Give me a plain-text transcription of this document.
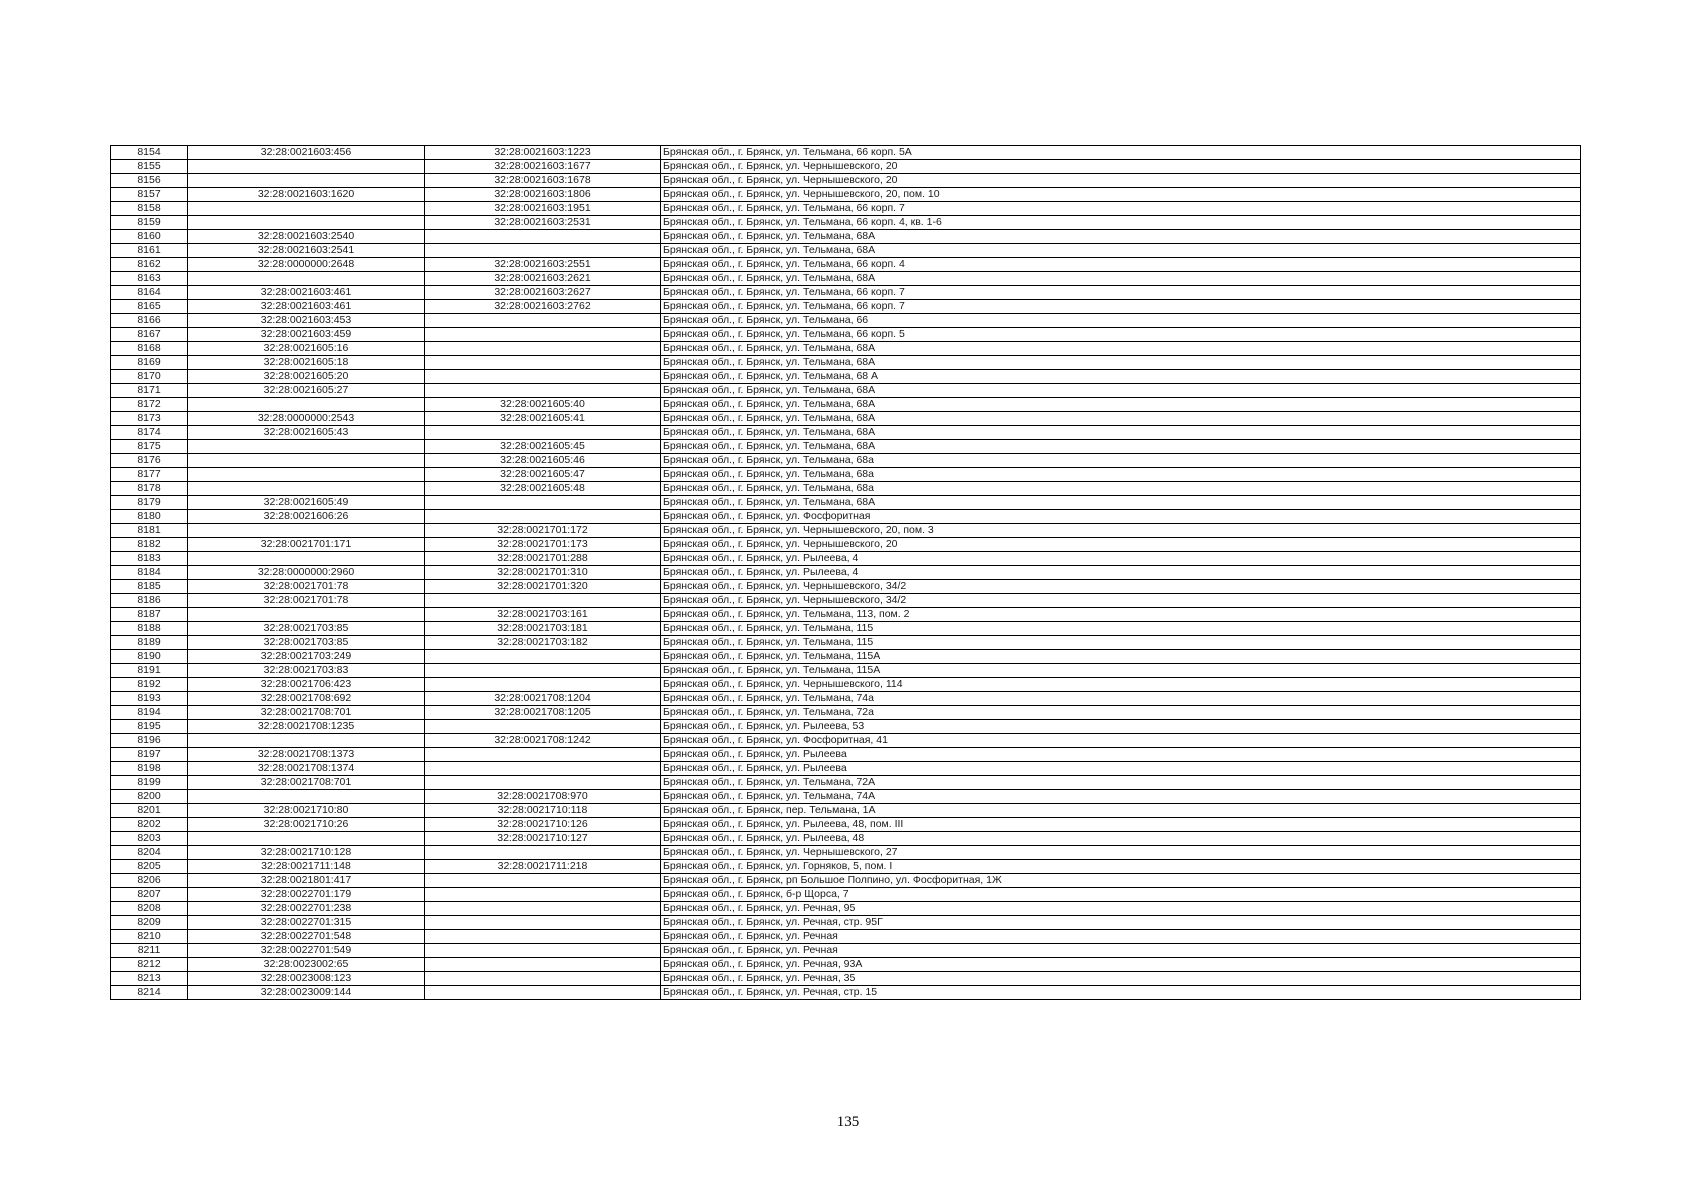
8154	32:28:0021603:456	32:28:0021603:1223	Брянская обл., г. Брянск, ул. Тельмана, 66 корп. 5А
8155		32:28:0021603:1677	Брянская обл., г. Брянск, ул. Чернышевского, 20
8156		32:28:0021603:1678	Брянская обл., г. Брянск, ул. Чернышевского, 20
8157	32:28:0021603:1620	32:28:0021603:1806	Брянская обл., г. Брянск, ул. Чернышевского, 20, пом. 10
8158		32:28:0021603:1951	Брянская обл., г. Брянск, ул. Тельмана, 66 корп. 7
8159		32:28:0021603:2531	Брянская обл., г. Брянск, ул. Тельмана, 66 корп. 4, кв. 1-6
8160	32:28:0021603:2540		Брянская обл., г. Брянск, ул. Тельмана, 68А
8161	32:28:0021603:2541		Брянская обл., г. Брянск, ул. Тельмана, 68А
8162	32:28:0000000:2648	32:28:0021603:2551	Брянская обл., г. Брянск, ул. Тельмана, 66 корп. 4
8163		32:28:0021603:2621	Брянская обл., г. Брянск, ул. Тельмана, 68А
8164	32:28:0021603:461	32:28:0021603:2627	Брянская обл., г. Брянск, ул. Тельмана, 66 корп. 7
8165	32:28:0021603:461	32:28:0021603:2762	Брянская обл., г. Брянск, ул. Тельмана, 66 корп. 7
8166	32:28:0021603:453		Брянская обл., г. Брянск, ул. Тельмана, 66
8167	32:28:0021603:459		Брянская обл., г. Брянск, ул. Тельмана, 66 корп. 5
8168	32:28:0021605:16		Брянская обл., г. Брянск, ул. Тельмана, 68А
8169	32:28:0021605:18		Брянская обл., г. Брянск, ул. Тельмана, 68А
8170	32:28:0021605:20		Брянская обл., г. Брянск, ул. Тельмана, 68 А
8171	32:28:0021605:27		Брянская обл., г. Брянск, ул. Тельмана, 68А
8172		32:28:0021605:40	Брянская обл., г. Брянск, ул. Тельмана, 68А
8173	32:28:0000000:2543	32:28:0021605:41	Брянская обл., г. Брянск, ул. Тельмана, 68А
8174	32:28:0021605:43		Брянская обл., г. Брянск, ул. Тельмана, 68А
8175		32:28:0021605:45	Брянская обл., г. Брянск, ул. Тельмана, 68А
8176		32:28:0021605:46	Брянская обл., г. Брянск, ул. Тельмана, 68а
8177		32:28:0021605:47	Брянская обл., г. Брянск, ул. Тельмана, 68а
8178		32:28:0021605:48	Брянская обл., г. Брянск, ул. Тельмана, 68а
8179	32:28:0021605:49		Брянская обл., г. Брянск, ул. Тельмана, 68А
8180	32:28:0021606:26		Брянская обл., г. Брянск, ул. Фосфоритная
8181		32:28:0021701:172	Брянская обл., г. Брянск, ул. Чернышевского, 20, пом. 3
8182	32:28:0021701:171	32:28:0021701:173	Брянская обл., г. Брянск, ул. Чернышевского, 20
8183		32:28:0021701:288	Брянская обл., г. Брянск, ул. Рылеева, 4
8184	32:28:0000000:2960	32:28:0021701:310	Брянская обл., г. Брянск, ул. Рылеева, 4
8185	32:28:0021701:78	32:28:0021701:320	Брянская обл., г. Брянск, ул. Чернышевского, 34/2
8186	32:28:0021701:78		Брянская обл., г. Брянск, ул. Чернышевского, 34/2
8187		32:28:0021703:161	Брянская обл., г. Брянск, ул. Тельмана, 113, пом. 2
8188	32:28:0021703:85	32:28:0021703:181	Брянская обл., г. Брянск, ул. Тельмана, 115
8189	32:28:0021703:85	32:28:0021703:182	Брянская обл., г. Брянск, ул. Тельмана, 115
8190	32:28:0021703:249		Брянская обл., г. Брянск, ул. Тельмана, 115А
8191	32:28:0021703:83		Брянская обл., г. Брянск, ул. Тельмана, 115А
8192	32:28:0021706:423		Брянская обл., г. Брянск, ул. Чернышевского, 114
8193	32:28:0021708:692	32:28:0021708:1204	Брянская обл., г. Брянск, ул. Тельмана, 74а
8194	32:28:0021708:701	32:28:0021708:1205	Брянская обл., г. Брянск, ул. Тельмана, 72а
8195	32:28:0021708:1235		Брянская обл., г. Брянск, ул. Рылеева, 53
8196		32:28:0021708:1242	Брянская обл., г. Брянск, ул. Фосфоритная, 41
8197	32:28:0021708:1373		Брянская обл., г. Брянск, ул. Рылеева
8198	32:28:0021708:1374		Брянская обл., г. Брянск, ул. Рылеева
8199	32:28:0021708:701		Брянская обл., г. Брянск, ул. Тельмана, 72А
8200		32:28:0021708:970	Брянская обл., г. Брянск, ул. Тельмана, 74А
8201	32:28:0021710:80	32:28:0021710:118	Брянская обл., г. Брянск, пер. Тельмана, 1А
8202	32:28:0021710:26	32:28:0021710:126	Брянская обл., г. Брянск, ул. Рылеева, 48, пом. III
8203		32:28:0021710:127	Брянская обл., г. Брянск, ул. Рылеева, 48
8204	32:28:0021710:128		Брянская обл., г. Брянск, ул. Чернышевского, 27
8205	32:28:0021711:148	32:28:0021711:218	Брянская обл., г. Брянск, ул. Горняков, 5, пом. I
8206	32:28:0021801:417		Брянская обл., г. Брянск, рп Большое Полпино, ул. Фосфоритная, 1Ж
8207	32:28:0022701:179		Брянская обл., г. Брянск, б-р Щорса, 7
8208	32:28:0022701:238		Брянская обл., г. Брянск, ул. Речная, 95
8209	32:28:0022701:315		Брянская обл., г. Брянск, ул. Речная, стр. 95Г
8210	32:28:0022701:548		Брянская обл., г. Брянск, ул. Речная
8211	32:28:0022701:549		Брянская обл., г. Брянск, ул. Речная
8212	32:28:0023002:65		Брянская обл., г. Брянск, ул. Речная, 93А
8213	32:28:0023008:123		Брянская обл., г. Брянск, ул. Речная, 35
8214	32:28:0023009:144		Брянская обл., г. Брянск, ул. Речная, стр. 15
135
